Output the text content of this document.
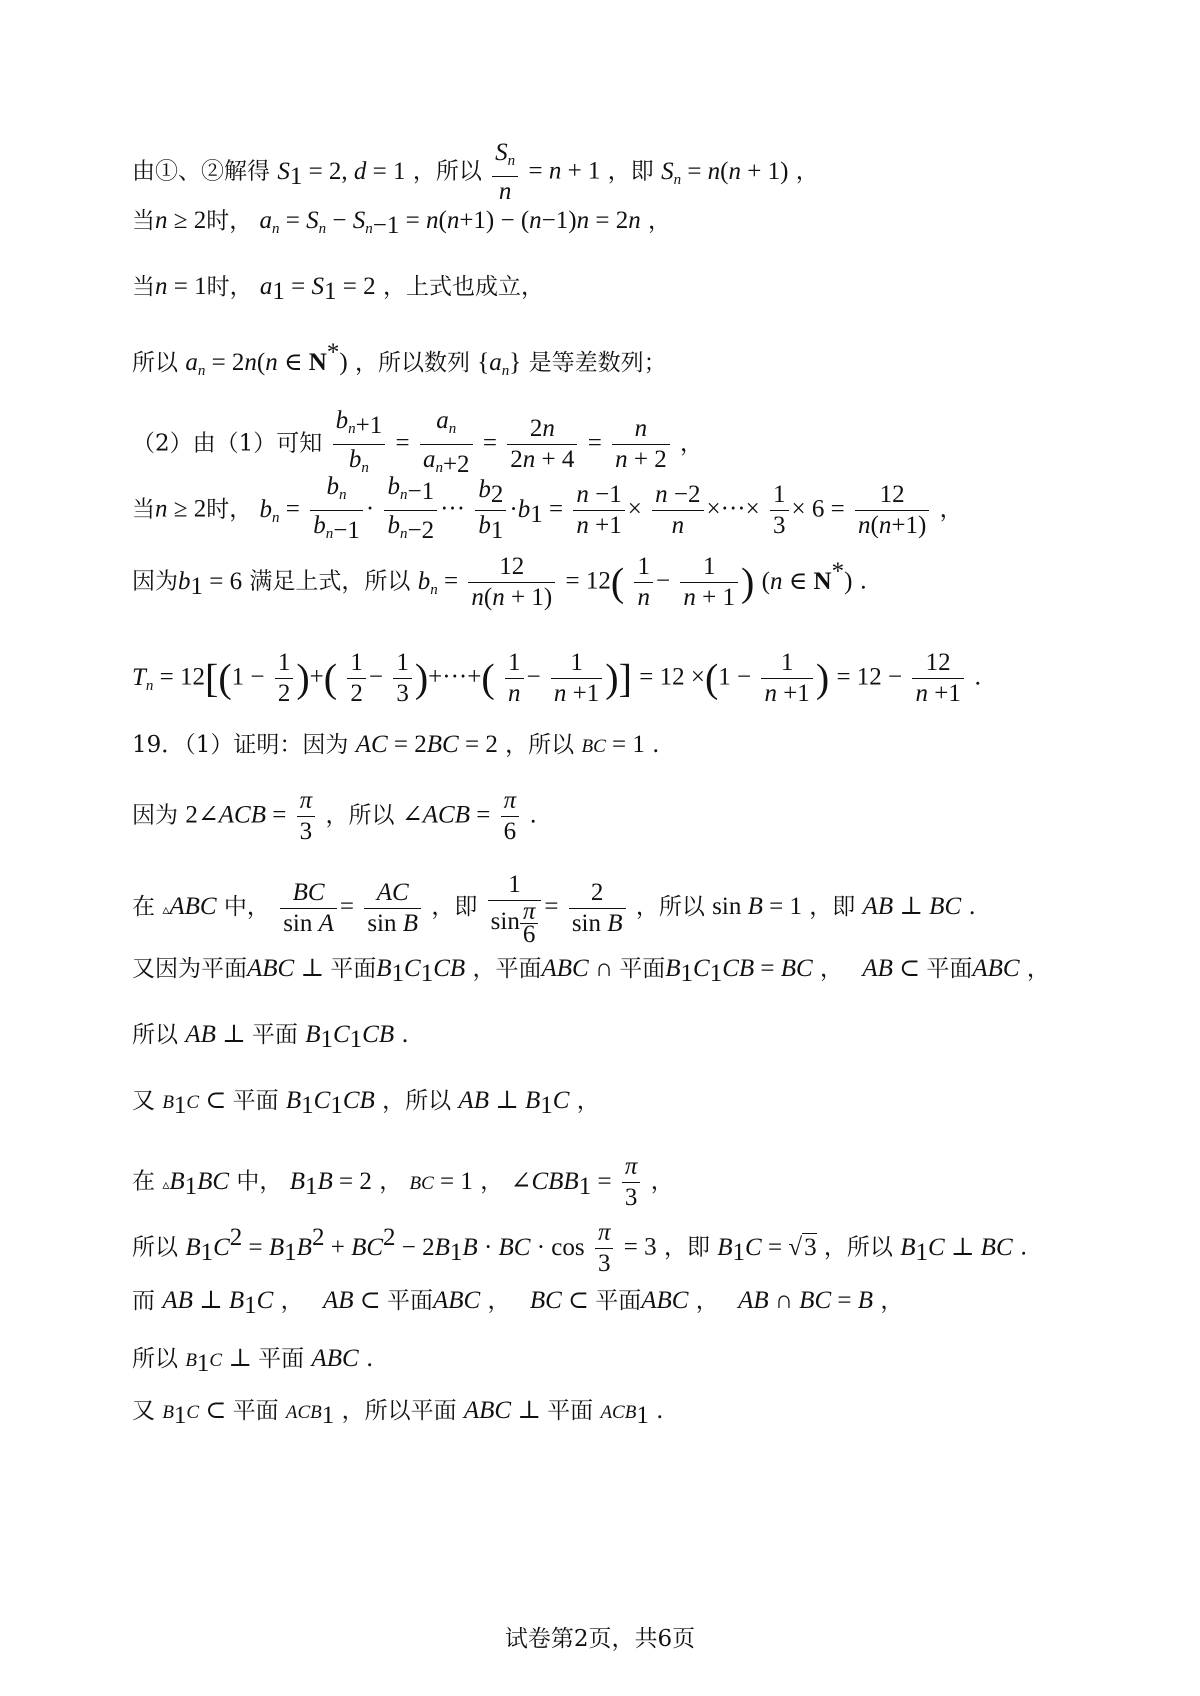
由①、②解得 $S_1 = 2$, d = 1 ，所以 $\frac{S_n}{n} = n + 1$ ，即 $S_n = n(n + 1)$ ，
当n ≥ 2时， $a_n = S_n - S_{n-1} = n(n+1) - (n-1)n = 2n$ ，
当n = 1时， $a_1 = S_1 = 2$ ，上式也成立，
所以 $a_n = 2n(n$ ∈ N*) ，所以数列 $\{a_n\}$ 是等差数列；
（2）由（1）可知 $\frac{b_{n+1}}{b_n} = \frac{a_n}{a_{n+2}} = \frac{2n}{2n + 4} = \frac{n}{n + 2}$ ，
当n ≥ 2时， $b_n = \frac{b_n}{b_{n-1}} \cdot \frac{b_{n-1}}{b_{n-2}}$ ··· $\frac{b_2}{b_1} \cdot b_1 = \frac{n -1}{n +1} \times \frac{n -2}{n}$ ×···× $\frac{1}{3} \times 6 = \frac{12}{n(n+1)}$ ，
因为$b_1 = 6$ 满足上式，所以 $b_n = \frac{12}{n(n + 1)} = 12( \frac{1}{n} - \frac{1}{n + 1}$ ) (n ∈ N*) .
$T_n = 12[(1 - \frac{1}{2}$ )+( $\frac{1}{2} - \frac{1}{3}$ )+···+( $\frac{1}{n} - \frac{1}{n +1}$ )] = $12 \times(1 - \frac{1}{n +1}$ ) = $12 - \frac{12}{n +1}$ .
19．（1）证明：因为 AC = 2BC = 2 ，所以 BC = 1 .
因为 2∠ACB = $\frac{\pi}{3}$ ，所以 ∠ACB = $\frac{\pi}{6}$ .
在 ▵ABC 中， $\frac{BC}{\text{sin A}} = \frac{AC}{\text{sin B}}$ ，即 $\frac{1}{\sin \frac{\pi}{6}} = \frac{2}{\text{sin B}}$ ，所以 sin B = 1 ，即 AB ⊥ BC .
又因为平面ABC ⊥ 平面$B_1C_1CB$ ，平面ABC ∩ 平面$B_1C_1CB$ = BC ， AB ⊂ 平面ABC ，
所以 AB ⊥ 平面 $B_1C_1CB$ .
又 $B_1C$ ⊂ 平面 $B_1C_1CB$ ，所以 AB ⊥ $B_1C$ ，
在 $▵B_1BC$ 中， $B_1B = 2$ ， BC = 1 ， $\angle CBB_1 = \frac{\pi}{3}$ ，
所以 $B_1C^2 = B_1B^2 + BC^2 - 2B_1B$ · BC · $\cos \frac{\pi}{3} = 3$ ，即 $B_1C = √3$ ，所以 $B_1C$ ⊥ BC .
而 AB ⊥ $B_1C$ ， AB ⊂ 平面ABC ， BC ⊂ 平面ABC ， AB ∩ BC = B ，
所以 $B_1C$ ⊥ 平面 ABC .
又 $B_1C$ ⊂ 平面 $ACB_1$ ，所以平面 ABC ⊥ 平面 $ACB_1$ .
试卷第2页，共6页
